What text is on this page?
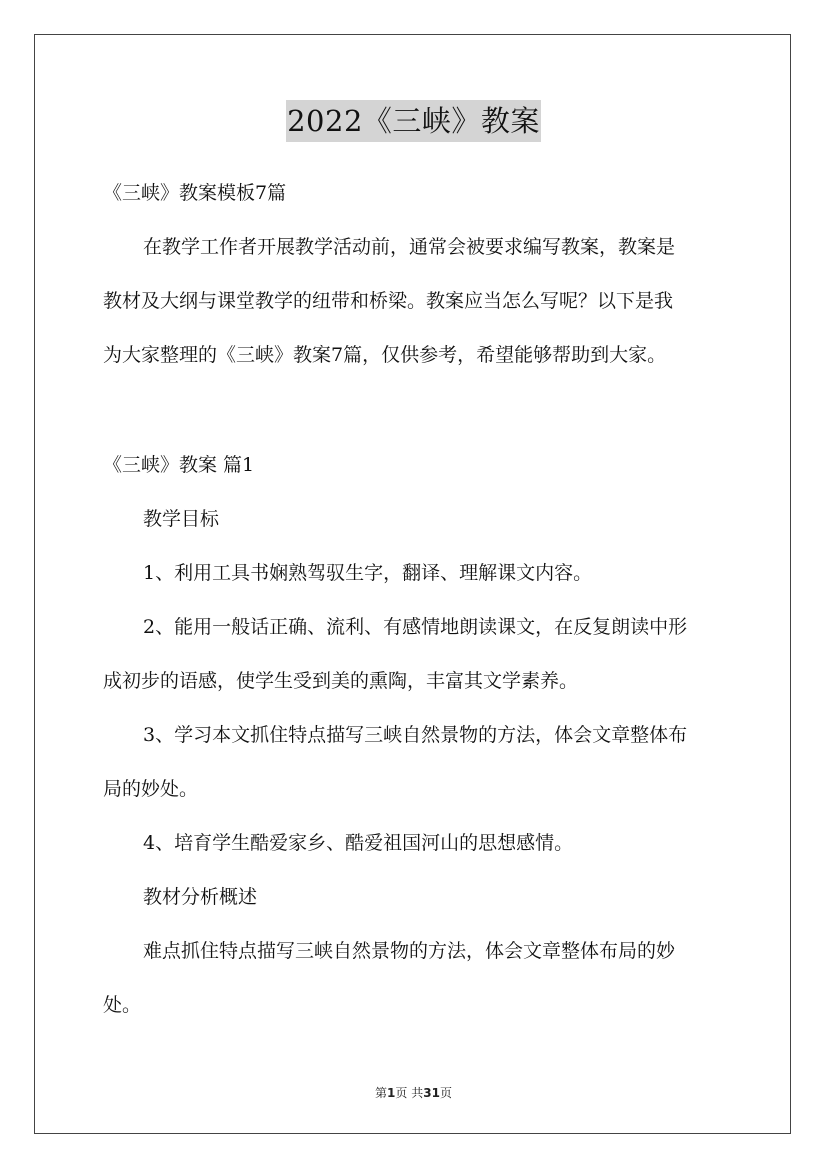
2022《三峡》教案
《三峡》教案模板7篇
在教学工作者开展教学活动前，通常会被要求编写教案，教案是
教材及大纲与课堂教学的纽带和桥梁。教案应当怎么写呢？以下是我
为大家整理的《三峡》教案7篇，仅供参考，希望能够帮助到大家。
《三峡》教案 篇1
教学目标
1、利用工具书娴熟驾驭生字，翻译、理解课文内容。
2、能用一般话正确、流利、有感情地朗读课文，在反复朗读中形
成初步的语感，使学生受到美的熏陶，丰富其文学素养。
3、学习本文抓住特点描写三峡自然景物的方法，体会文章整体布
局的妙处。
4、培育学生酷爱家乡、酷爱祖国河山的思想感情。
教材分析概述
难点抓住特点描写三峡自然景物的方法，体会文章整体布局的妙
处。
第1页 共31页
